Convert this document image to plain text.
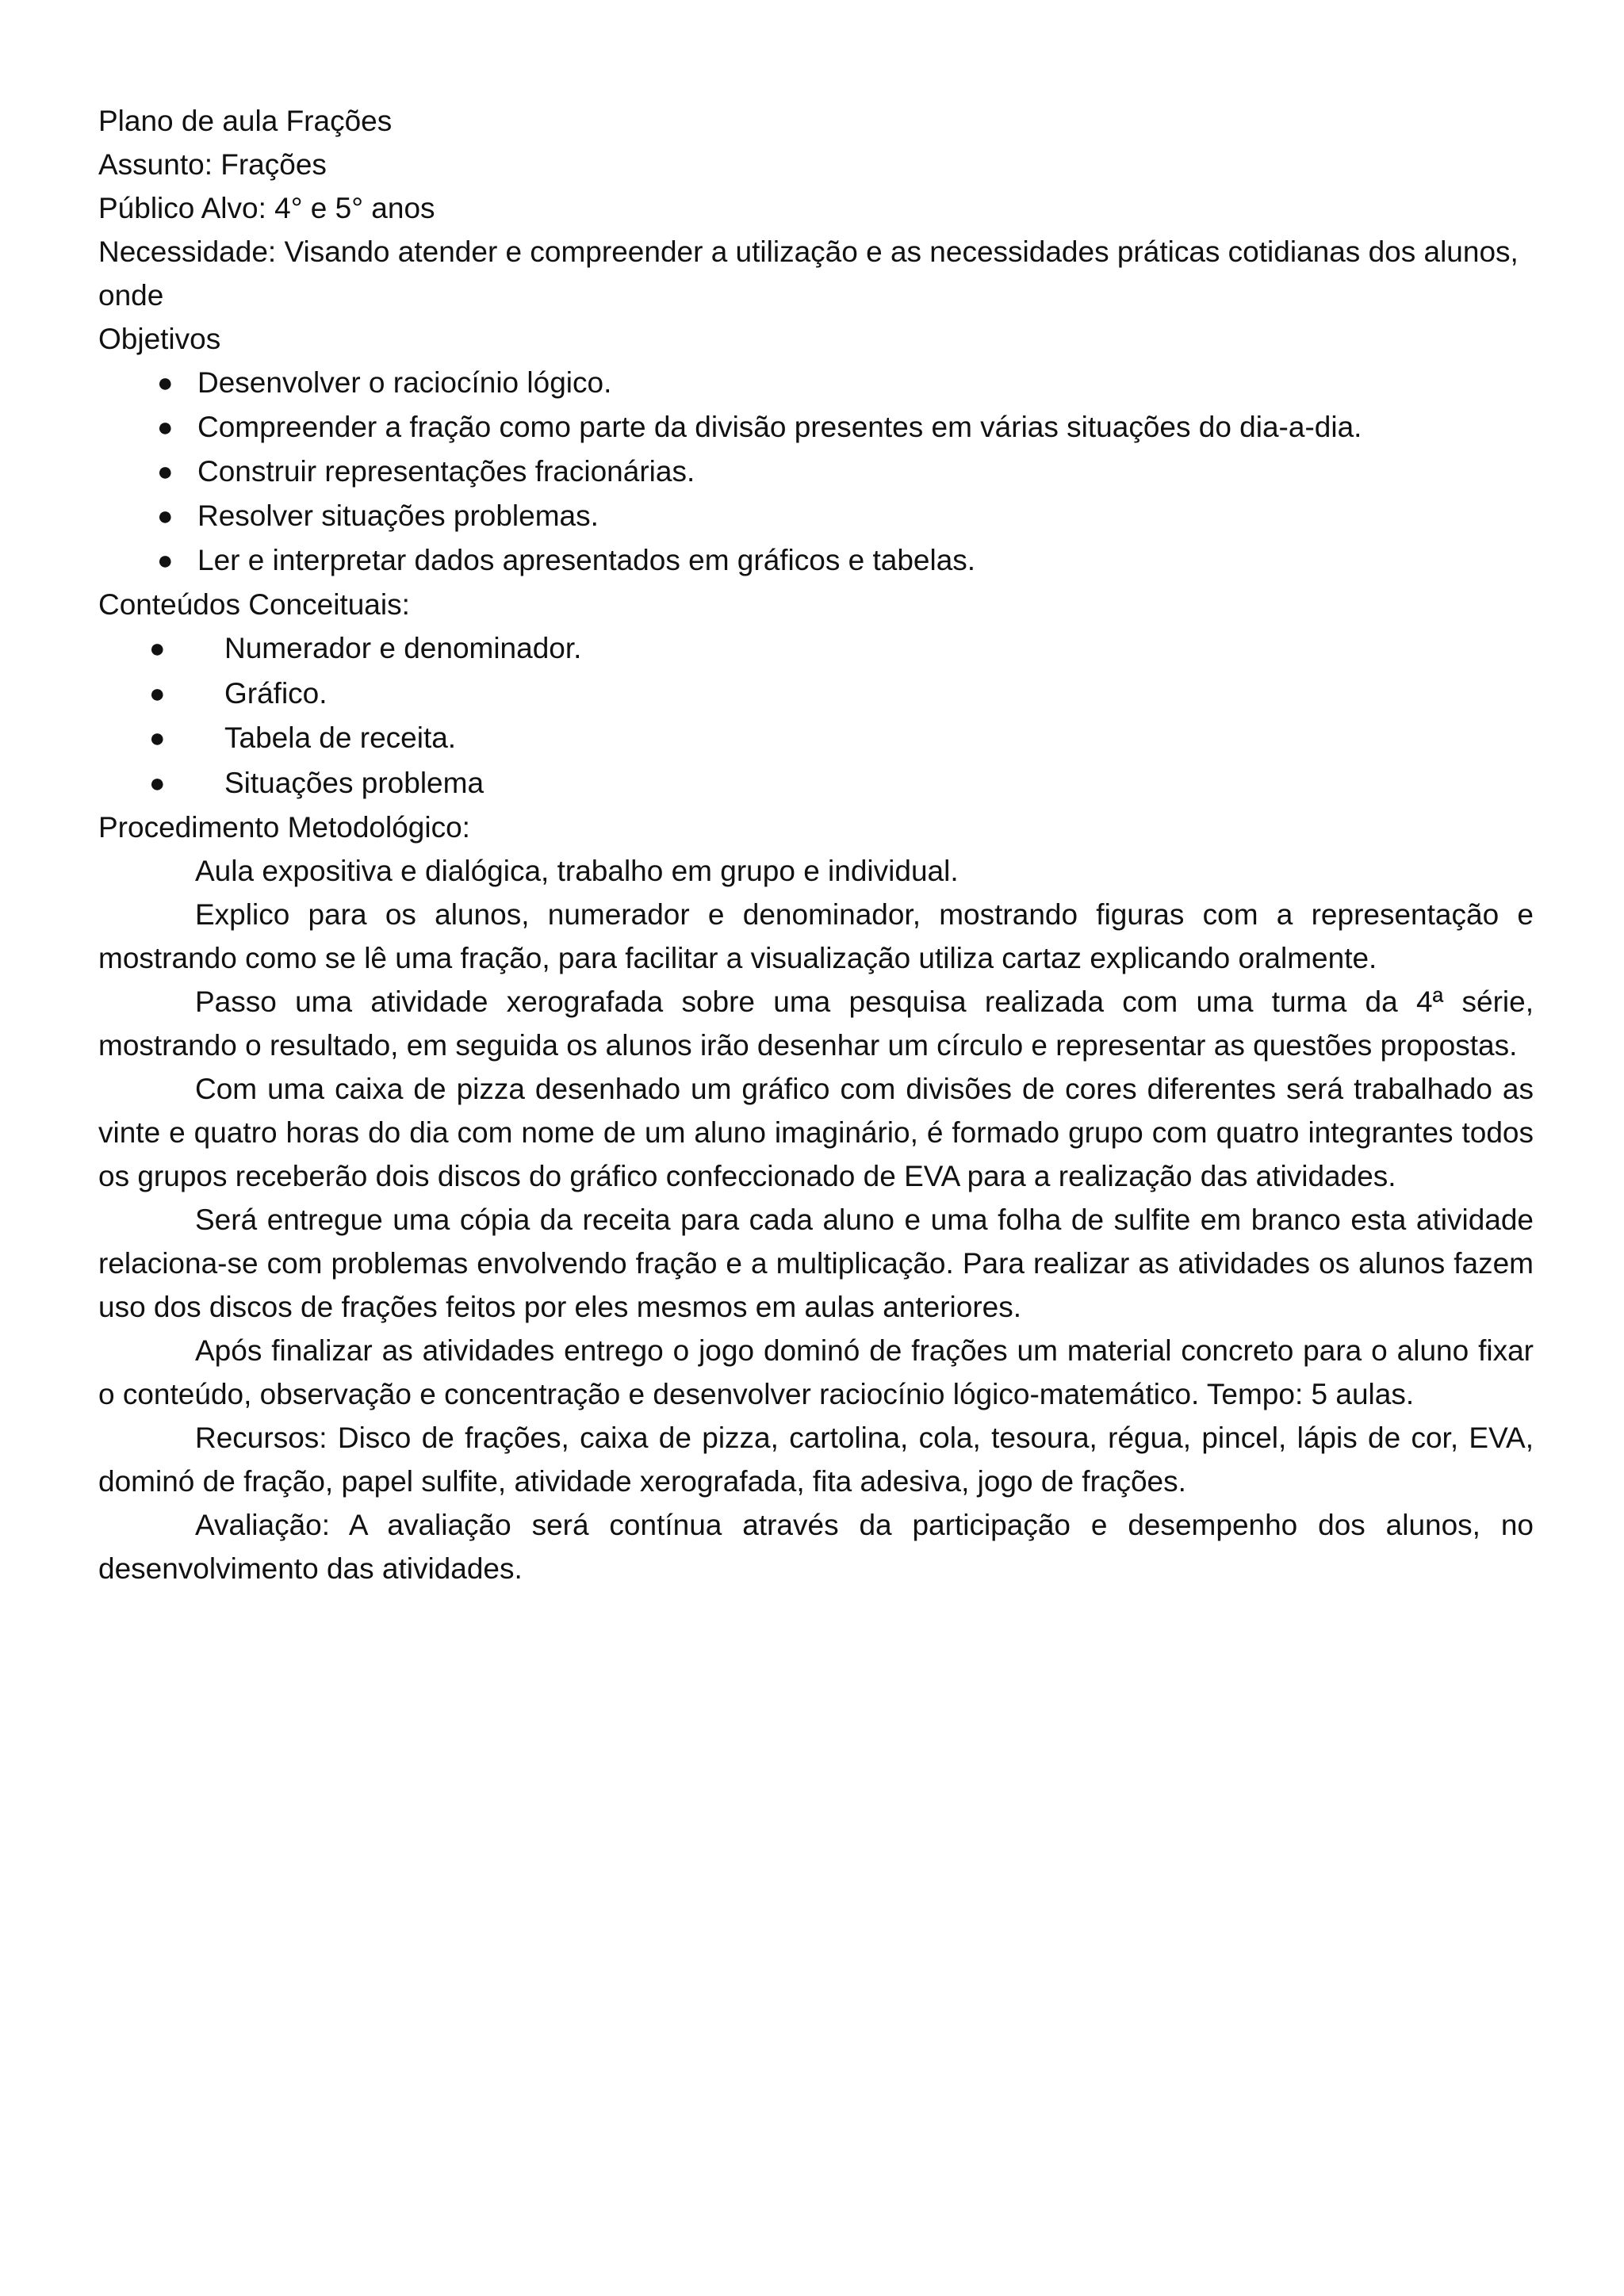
Plano de aula Frações

Assunto: Frações

Público Alvo: 4° e 5° anos

Necessidade: Visando atender e compreender a utilização e as necessidades práticas cotidianas dos alunos, onde

Objetivos

● Desenvolver o raciocínio lógico.
● Compreender a fração como parte da divisão presentes em várias situações do dia-a-dia.
● Construir representações fracionárias.
● Resolver situações problemas.
● Ler e interpretar dados apresentados em gráficos e tabelas.

Conteúdos Conceituais:

● Numerador e denominador.
● Gráfico.
● Tabela de receita.
● Situações problema

Procedimento Metodológico:

Aula expositiva e dialógica, trabalho em grupo e individual.

Explico para os alunos, numerador e denominador, mostrando figuras com a representação e mostrando como se lê uma fração, para facilitar a visualização utiliza cartaz explicando oralmente.

Passo uma atividade xerografada sobre uma pesquisa realizada com uma turma da 4ª série, mostrando o resultado, em seguida os alunos irão desenhar um círculo e representar as questões propostas.

Com uma caixa de pizza desenhado um gráfico com divisões de cores diferentes será trabalhado as vinte e quatro horas do dia com nome de um aluno imaginário, é formado grupo com quatro integrantes todos os grupos receberão dois discos do gráfico confeccionado de EVA para a realização das atividades.

Será entregue uma cópia da receita para cada aluno e uma folha de sulfite em branco esta atividade relaciona-se com problemas envolvendo fração e a multiplicação. Para realizar as atividades os alunos fazem uso dos discos de frações feitos por eles mesmos em aulas anteriores.

Após finalizar as atividades entrego o jogo dominó de frações um material concreto para o aluno fixar o conteúdo, observação e concentração e desenvolver raciocínio lógico-matemático. Tempo: 5 aulas.

Recursos: Disco de frações, caixa de pizza, cartolina, cola, tesoura, régua, pincel, lápis de cor, EVA, dominó de fração, papel sulfite, atividade xerografada, fita adesiva, jogo de frações.

Avaliação: A avaliação será contínua através da participação e desempenho dos alunos, no desenvolvimento das atividades.
